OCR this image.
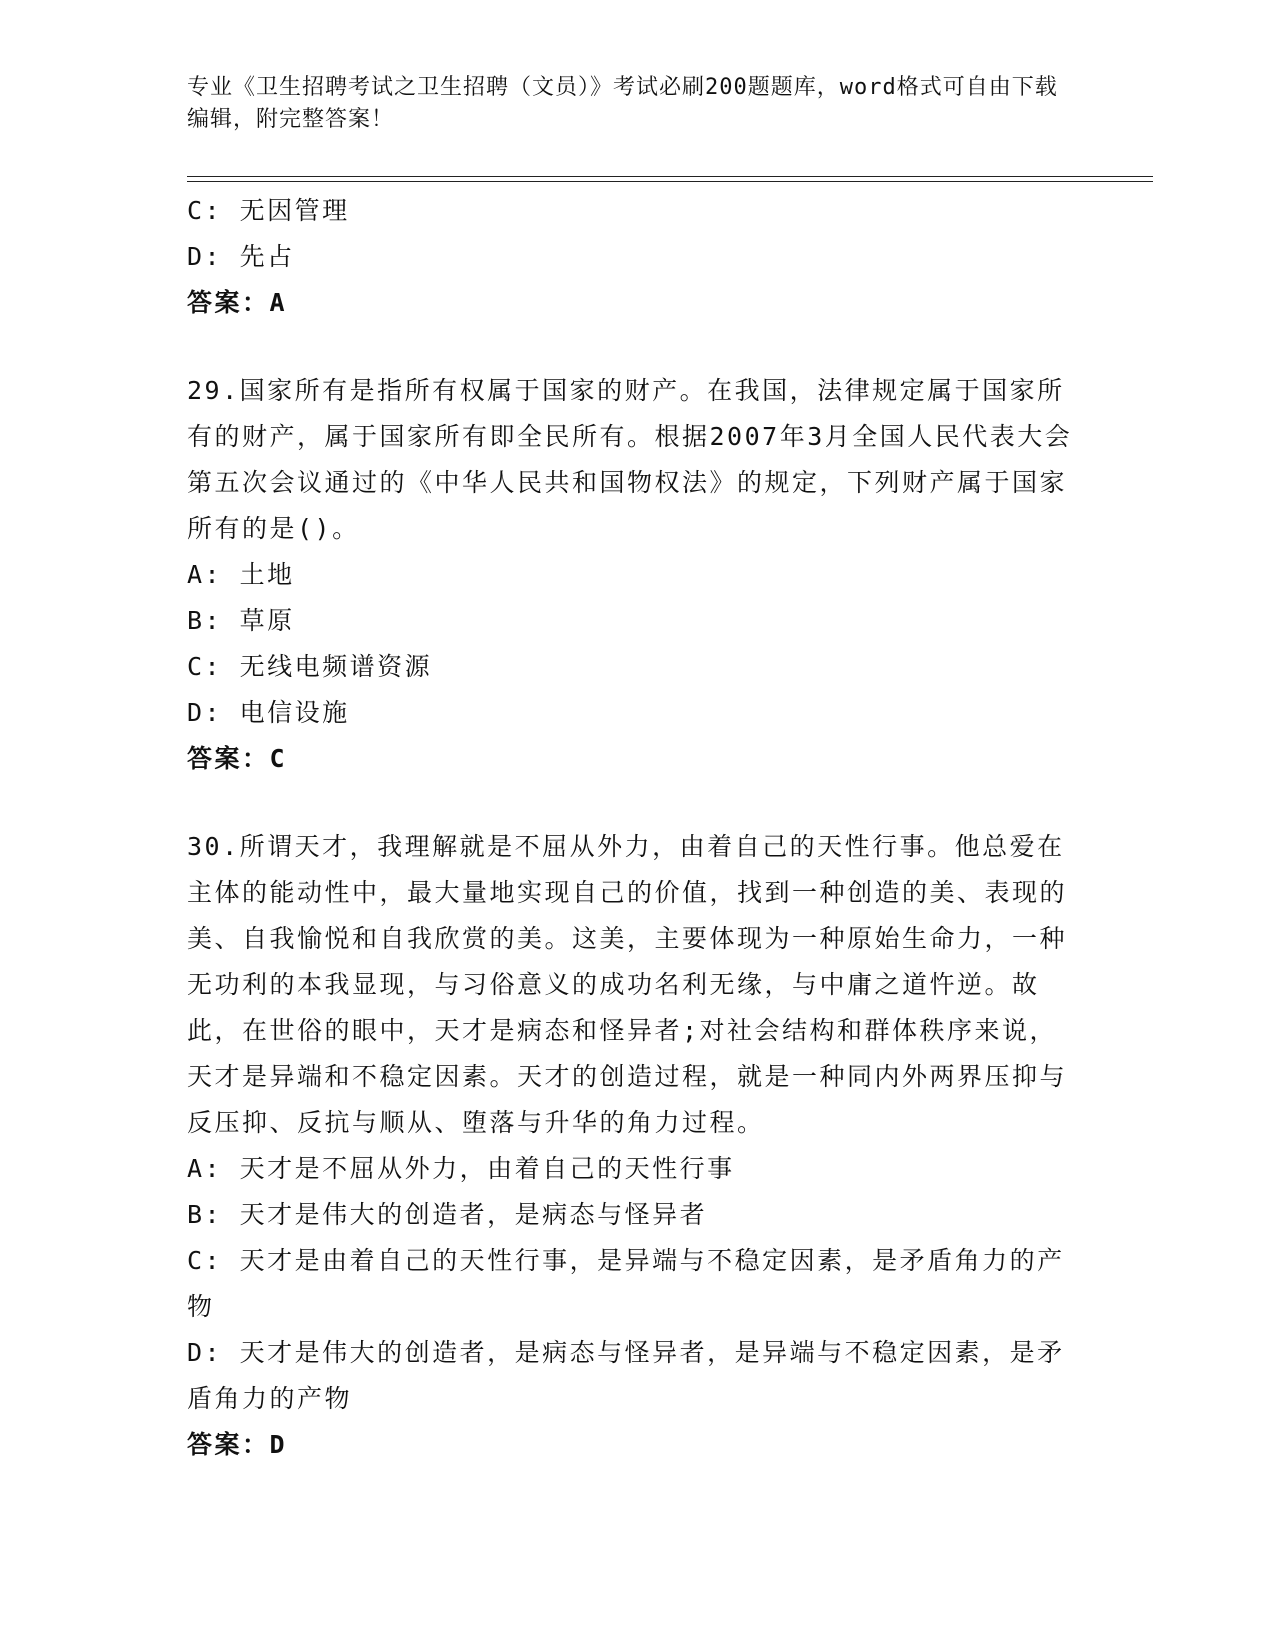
专业《卫生招聘考试之卫生招聘（文员）》考试必刷200题题库，word格式可自由下载编辑，附完整答案！

C: 无因管理
D: 先占
答案：A

29.国家所有是指所有权属于国家的财产。在我国，法律规定属于国家所有的财产，属于国家所有即全民所有。根据2007年3月全国人民代表大会第五次会议通过的《中华人民共和国物权法》的规定，下列财产属于国家所有的是()。

A: 土地
B: 草原
C: 无线电频谱资源
D: 电信设施
答案：C

30.所谓天才，我理解就是不屈从外力，由着自己的天性行事。他总爱在主体的能动性中，最大量地实现自己的价值，找到一种创造的美、表现的美、自我愉悦和自我欣赏的美。这美，主要体现为一种原始生命力，一种无功利的本我显现，与习俗意义的成功名利无缘，与中庸之道忤逆。故此，在世俗的眼中，天才是病态和怪异者;对社会结构和群体秩序来说，天才是异端和不稳定因素。天才的创造过程，就是一种同内外两界压抑与反压抑、反抗与顺从、堕落与升华的角力过程。

A: 天才是不屈从外力，由着自己的天性行事
B: 天才是伟大的创造者，是病态与怪异者

C: 天才是由着自己的天性行事，是异端与不稳定因素，是矛盾角力的产物

D: 天才是伟大的创造者，是病态与怪异者，是异端与不稳定因素，是矛盾角力的产物

答案：D
